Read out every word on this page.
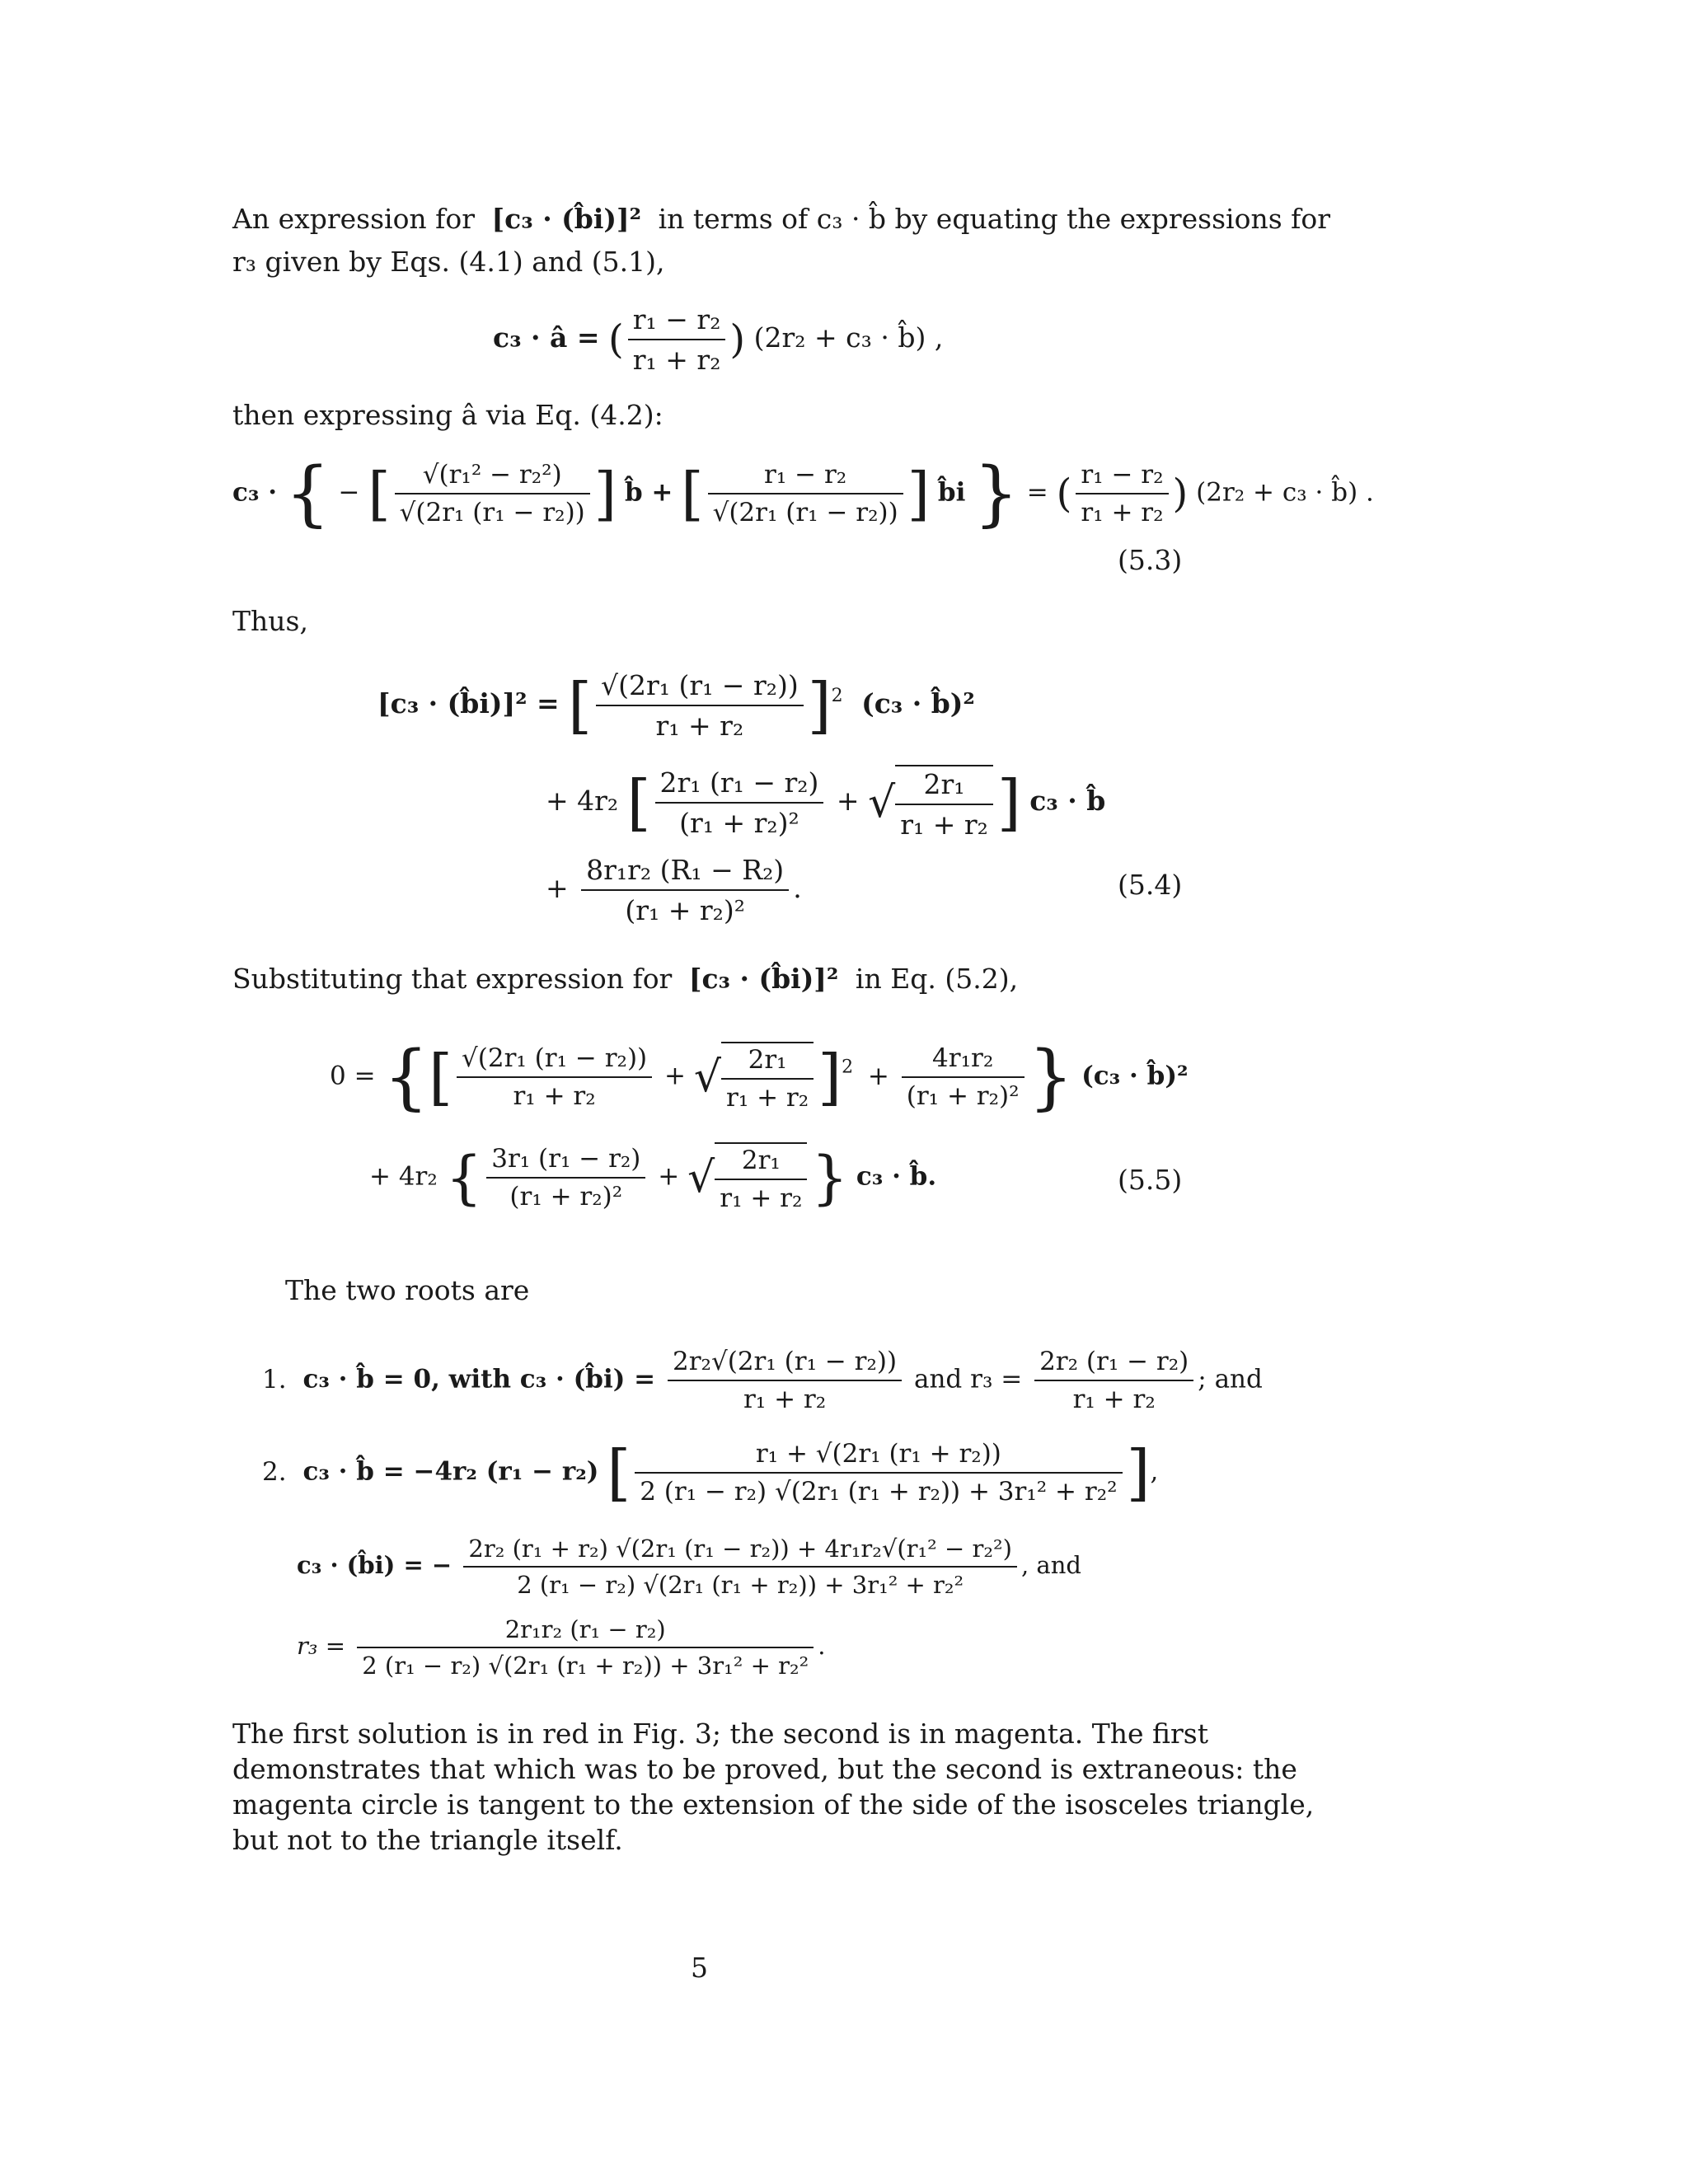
An expression for [c₃ · (b̂i)]² in terms of c₃ · b̂ by equating the expressions for
r₃ given by Eqs. (4.1) and (5.1),
c₃ · â = ( $\frac{\text{r₁ − r₂}}{\text{r₁ + r₂}}$ ) (2r₂ + c₃ · b̂) ,
then expressing â via Eq. (4.2):
c₃ · { − [ $\frac{\text{√(r₁² − r₂²)}}{\text{√(2r₁ (r₁ − r₂))}}$ ] b̂ + [ $\frac{\text{r₁ − r₂}}{\text{√(2r₁ (r₁ − r₂))}}$ ] b̂i } = ( $\frac{\text{r₁ − r₂}}{\text{r₁ + r₂}}$ ) (2r₂ + c₃ · b̂) .
(5.3)
Thus,
[c₃ · (b̂i)]² = [ $\frac{\text{√(2r₁ (r₁ − r₂))}}{\text{r₁ + r₂}} ]^2$ (c₃ · b̂)²
+ 4r₂ [ $\frac{\text{2r₁ (r₁ − r₂)}}{\text{(r₁ + r₂)²}}$ + √ $\frac{\text{2r₁}}{\text{r₁ + r₂}}$ ] c₃ · b̂
+ $\frac{\text{8r₁r₂ (R₁ − R₂)}}{\text{(r₁ + r₂)²}}$ .	(5.4)
Substituting that expression for [c₃ · (b̂i)]² in Eq. (5.2),
0 = {[ $\frac{\text{√(2r₁ (r₁ − r₂))}}{\text{r₁ + r₂}}$ + √ $\frac{\text{2r₁}}{\text{r₁ + r₂}} ]^2 + \frac{\text{4r₁r₂}}{\text{(r₁ + r₂)²}}$ } (c₃ · b̂)²
+ 4r₂ { $\frac{\text{3r₁ (r₁ − r₂)}}{\text{(r₁ + r₂)²}}$ + √ $\frac{\text{2r₁}}{\text{r₁ + r₂}}$ } c₃ · b̂.	(5.5)
The two roots are
1. c₃ · b̂ = 0, with c₃ · (b̂i) = $\frac{\text{2r₂√(2r₁ (r₁ − r₂))}}{\text{r₁ + r₂}}$ and $r_3 = \frac{\text{2r₂ (r₁ − r₂)}}{\text{r₁ + r₂}}$ ; and
2. c₃ · b̂ = −4r₂ (r₁ − r₂) [ $\frac{\text{r₁ + √(2r₁ (r₁ + r₂))}}{\text{2 (r₁ − r₂) √(2r₁ (r₁ + r₂)) + 3r₁² + r₂²}}$ ],
c₃ · (b̂i) = − $\frac{\text{2r₂ (r₁ + r₂) √(2r₁ (r₁ − r₂)) + 4r₁r₂√(r₁² − r₂²)}}{\text{2 (r₁ − r₂) √(2r₁ (r₁ + r₂)) + 3r₁² + r₂²}}$ , and
$r_3 = \frac{\text{2r₁r₂ (r₁ − r₂)}}{\text{2 (r₁ − r₂) √(2r₁ (r₁ + r₂)) + 3r₁² + r₂²}}$ .
The first solution is in red in Fig. 3; the second is in magenta. The first
demonstrates that which was to be proved, but the second is extraneous: the
magenta circle is tangent to the extension of the side of the isosceles triangle,
but not to the triangle itself.
5
